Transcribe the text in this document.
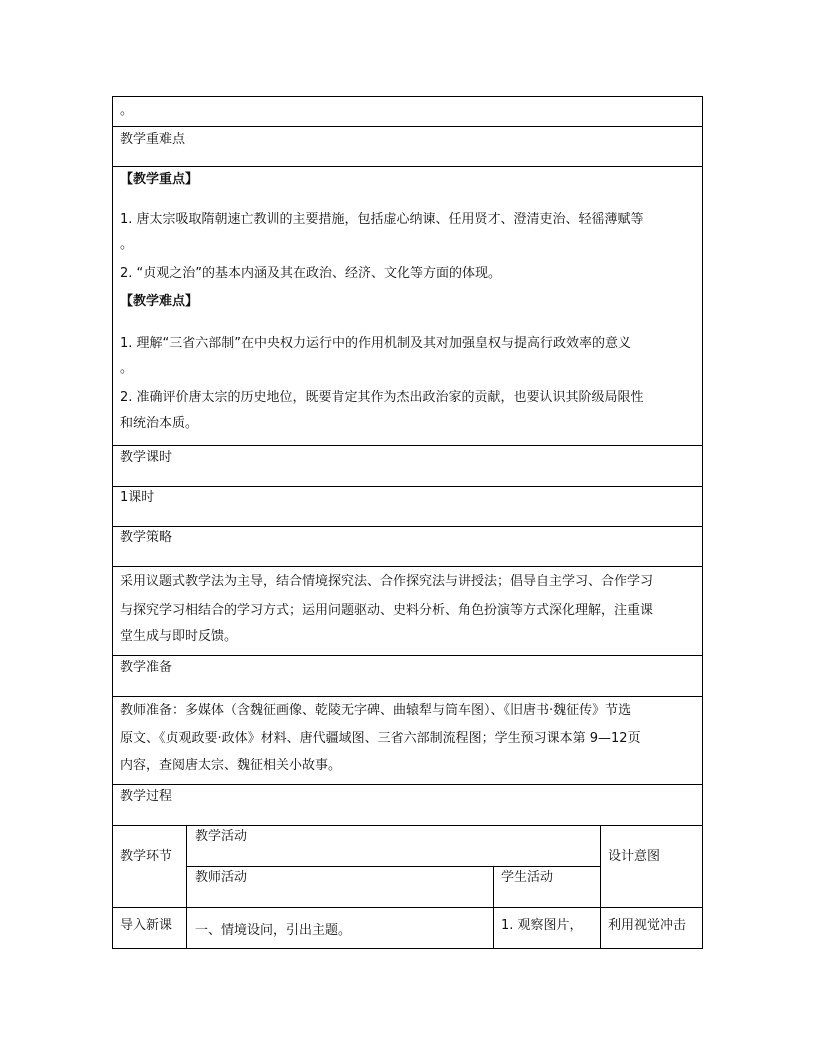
。
教学重难点
【教学重点】
1. 唐太宗吸取隋朝速亡教训的主要措施，包括虚心纳谏、任用贤才、澄清吏治、轻徭薄赋等
。
2. “贞观之治”的基本内涵及其在政治、经济、文化等方面的体现。
【教学难点】
1. 理解“三省六部制”在中央权力运行中的作用机制及其对加强皇权与提高行政效率的意义
。
2. 准确评价唐太宗的历史地位，既要肯定其作为杰出政治家的贡献，也要认识其阶级局限性
和统治本质。
教学课时
1课时
教学策略
采用议题式教学法为主导，结合情境探究法、合作探究法与讲授法；倡导自主学习、合作学习
与探究学习相结合的学习方式；运用问题驱动、史料分析、角色扮演等方式深化理解，注重课
堂生成与即时反馈。
教学准备
教师准备：多媒体（含魏征画像、乾陵无字碑、曲辕犁与筒车图）、《旧唐书·魏征传》节选
原文、《贞观政要·政体》材料、唐代疆域图、三省六部制流程图；学生预习课本第 9—12页
内容，查阅唐太宗、魏征相关小故事。
教学过程
教学环节
教学活动
教师活动	学生活动
设计意图
导入新课 一、情境设问，引出主题。	1. 观察图片， 利用视觉冲击
